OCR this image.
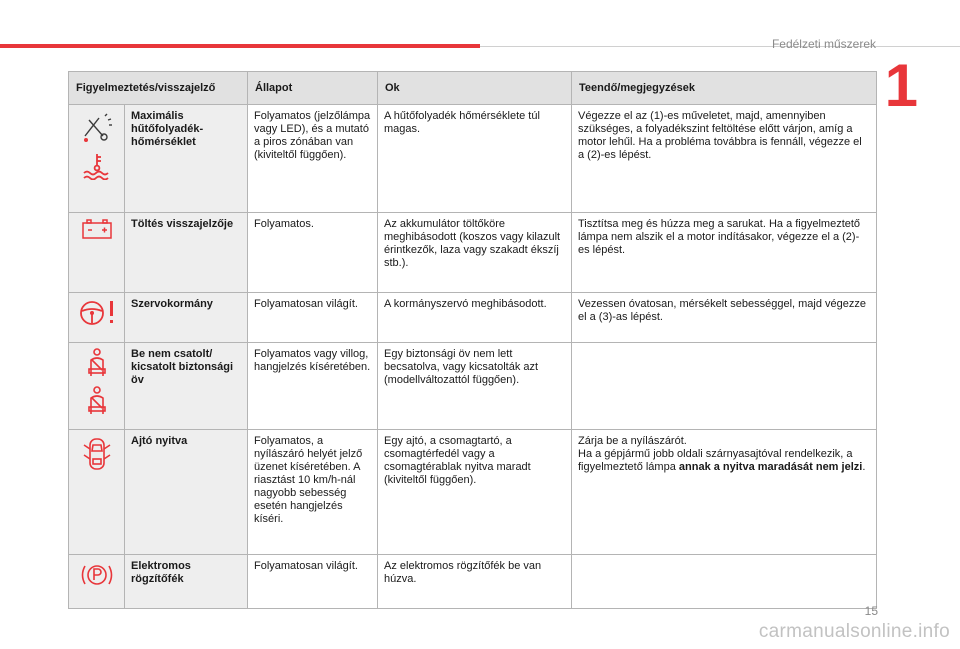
Fedélzeti műszerek
1
Figyelmeztetés/visszajelző		Állapot	Ok	Teendő/megjegyzések

	Maximális hűtőfolyadék-hőmérséklet	Folyamatos (jelzőlámpa vagy LED), és a mutató a piros zónában van (kiviteltől függően).	A hűtőfolyadék hőmérséklete túl magas.	Végezze el az (1)-es műveletet, majd, amennyiben szükséges, a folyadékszint feltöltése előtt várjon, amíg a motor lehűl. Ha a probléma továbbra is fennáll, végezze el a (2)-es lépést.

	Töltés visszajelzője	Folyamatos.	Az akkumulátor töltőköre meghibásodott (koszos vagy kilazult érintkezők, laza vagy szakadt ékszíj stb.).	Tisztítsa meg és húzza meg a sarukat. Ha a figyelmeztető lámpa nem alszik el a motor indításakor, végezze el a (2)-es lépést.

	Szervokormány	Folyamatosan világít.	A kormányszervó meghibásodott.	Vezessen óvatosan, mérsékelt sebességgel, majd végezze el a (3)-as lépést.

	Be nem csatolt/ kicsatolt biztonsági öv	Folyamatos vagy villog, hangjelzés kíséretében.	Egy biztonsági öv nem lett becsatolva, vagy kicsatolták azt (modellváltozattól függően).	

	Ajtó nyitva	Folyamatos, a nyílászáró helyét jelző üzenet kíséretében. A riasztást 10 km/h-nál nagyobb sebesség esetén hangjelzés kíséri.	Egy ajtó, a csomagtartó, a csomagtérfedél vagy a csomagtérablak nyitva maradt (kiviteltől függően).	Zárja be a nyílászárót.
Ha a gépjármű jobb oldali szárnyasajtóval rendelkezik, a figyelmeztető lámpa annak a nyitva maradását nem jelzi.

	Elektromos rögzítőfék	Folyamatosan világít.	Az elektromos rögzítőfék be van húzva.	
15
carmanualsonline.info
